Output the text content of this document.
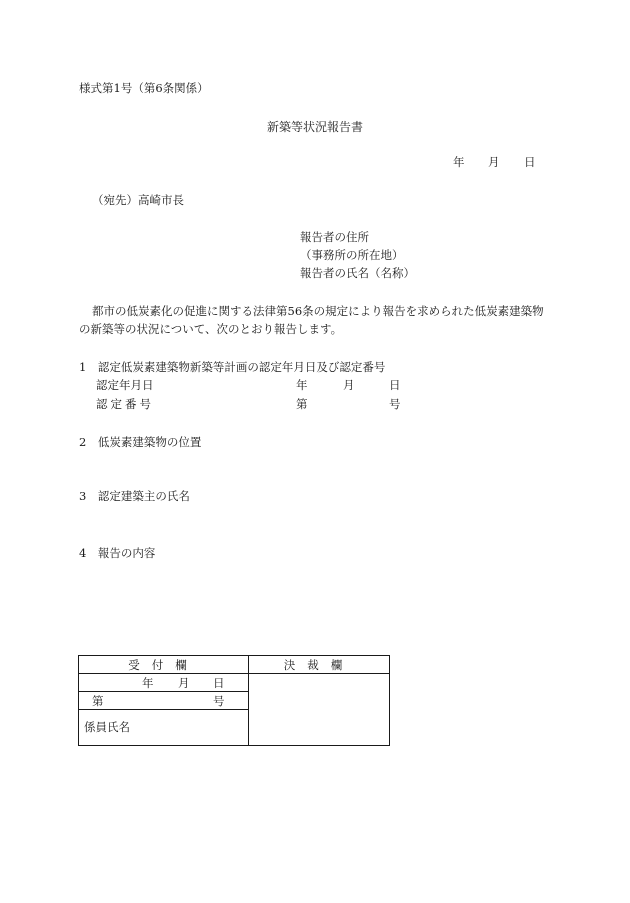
様式第1号（第6条関係）
新築等状況報告書
年 月 日
（宛先）高崎市長
報告者の住所
（事務所の所在地）
報告者の氏名（名称）
都市の低炭素化の促進に関する法律第56条の規定により報告を求められた低炭素建築物
の新築等の状況について、次のとおり報告します。
1　認定低炭素建築物新築等計画の認定年月日及び認定番号
認定年月日	年	月	日
認定番号	第	号
2　低炭素建築物の位置
3　認定建築主の氏名
4　報告の内容
受付欄	決裁欄

年 月 日	

第 号	

係員氏名	
